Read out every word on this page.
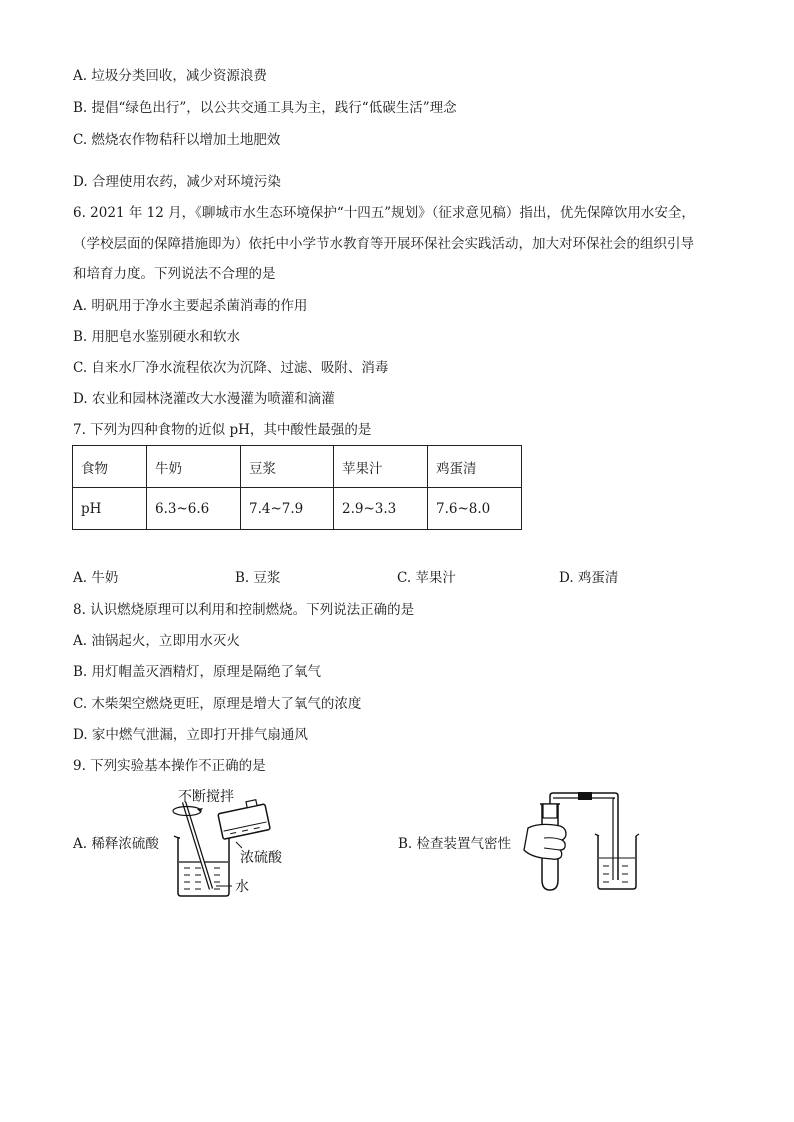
A. 垃圾分类回收，减少资源浪费
B. 提倡“绿色出行”，以公共交通工具为主，践行“低碳生活”理念
C. 燃烧农作物秸秆以增加土地肥效
D. 合理使用农药，减少对环境污染
6. 2021 年 12 月，《聊城市水生态环境保护“十四五”规划》（征求意见稿）指出，优先保障饮用水安全，
（学校层面的保障措施即为）依托中小学节水教育等开展环保社会实践活动，加大对环保社会的组织引导
和培育力度。下列说法不合理的是
A. 明矾用于净水主要起杀菌消毒的作用
B. 用肥皂水鉴别硬水和软水
C. 自来水厂净水流程依次为沉降、过滤、吸附、消毒
D. 农业和园林浇灌改大水漫灌为喷灌和滴灌
7. 下列为四种食物的近似 pH，其中酸性最强的是
食物	牛奶	豆浆	苹果汁	鸡蛋清
pH	6.3~6.6	7.4~7.9	2.9~3.3	7.6~8.0
A. 牛奶	B. 豆浆	C. 苹果汁	D. 鸡蛋清
8. 认识燃烧原理可以利用和控制燃烧。下列说法正确的是
A. 油锅起火，立即用水灭火
B. 用灯帽盖灭酒精灯，原理是隔绝了氧气
C. 木柴架空燃烧更旺，原理是增大了氧气的浓度
D. 家中燃气泄漏，立即打开排气扇通风
9. 下列实验基本操作不正确的是
A. 稀释浓硫酸	B. 检查装置气密性
不断搅拌
浓硫酸
水
